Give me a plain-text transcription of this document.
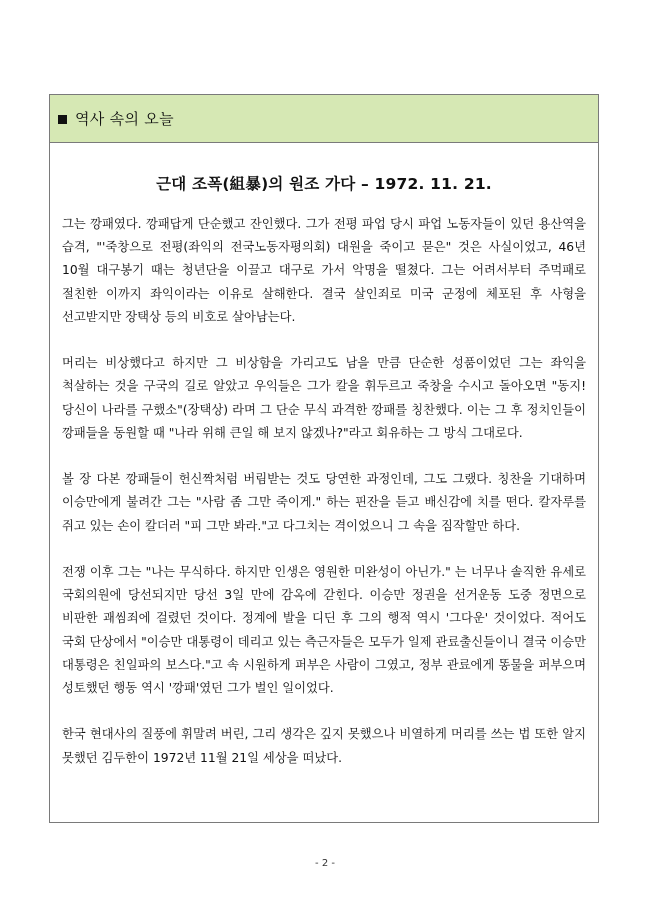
역사 속의 오늘
근대 조폭(組暴)의 원조 가다 – 1972. 11. 21.

그는 깡패였다. 깡패답게 단순했고 잔인했다. 그가 전평 파업 당시 파업 노동자들이 있던 용산역을 습격, "'죽창으로 전평(좌익의 전국노동자평의회) 대원을 죽이고 묻은" 것은 사실이었고, 46년 10월 대구봉기 때는 청년단을 이끌고 대구로 가서 악명을 떨쳤다. 그는 어려서부터 주먹패로 절친한 이까지 좌익이라는 이유로 살해한다. 결국 살인죄로 미국 군정에 체포된 후 사형을 선고받지만 장택상 등의 비호로 살아남는다.

머리는 비상했다고 하지만 그 비상함을 가리고도 남을 만큼 단순한 성품이었던 그는 좌익을 척살하는 것을 구국의 길로 알았고 우익들은 그가 칼을 휘두르고 죽창을 수시고 돌아오면 "동지! 당신이 나라를 구했소"(장택상) 라며 그 단순 무식 과격한 깡패를 칭찬했다. 이는 그 후 정치인들이 깡패들을 동원할 때 "나라 위해 큰일 해 보지 않겠나?"라고 회유하는 그 방식 그대로다.

볼 장 다본 깡패들이 헌신짝처럼 버림받는 것도 당연한 과정인데, 그도 그랬다. 칭찬을 기대하며 이승만에게 불려간 그는 "사람 좀 그만 죽이게." 하는 핀잔을 듣고 배신감에 치를 떤다. 칼자루를 쥐고 있는 손이 칼더러 "피 그만 봐라."고 다그치는 격이었으니 그 속을 짐작할만 하다.

전쟁 이후 그는 "나는 무식하다. 하지만 인생은 영원한 미완성이 아닌가." 는 너무나 솔직한 유세로 국회의원에 당선되지만 당선 3일 만에 감옥에 갇힌다. 이승만 정권을 선거운동 도중 정면으로 비판한 괘씸죄에 걸렸던 것이다. 정계에 발을 디딘 후 그의 행적 역시 '그다운' 것이었다. 적어도 국회 단상에서 "이승만 대통령이 데리고 있는 측근자들은 모두가 일제 관료출신들이니 결국 이승만 대통령은 친일파의 보스다."고 속 시원하게 퍼부은 사람이 그였고, 정부 관료에게 똥물을 퍼부으며 성토했던 행동 역시 '깡패'였던 그가 벌인 일이었다.

한국 현대사의 질풍에 휘말려 버린, 그리 생각은 깊지 못했으나 비열하게 머리를 쓰는 법 또한 알지 못했던 김두한이 1972년 11월 21일 세상을 떠났다.

- 2 -
